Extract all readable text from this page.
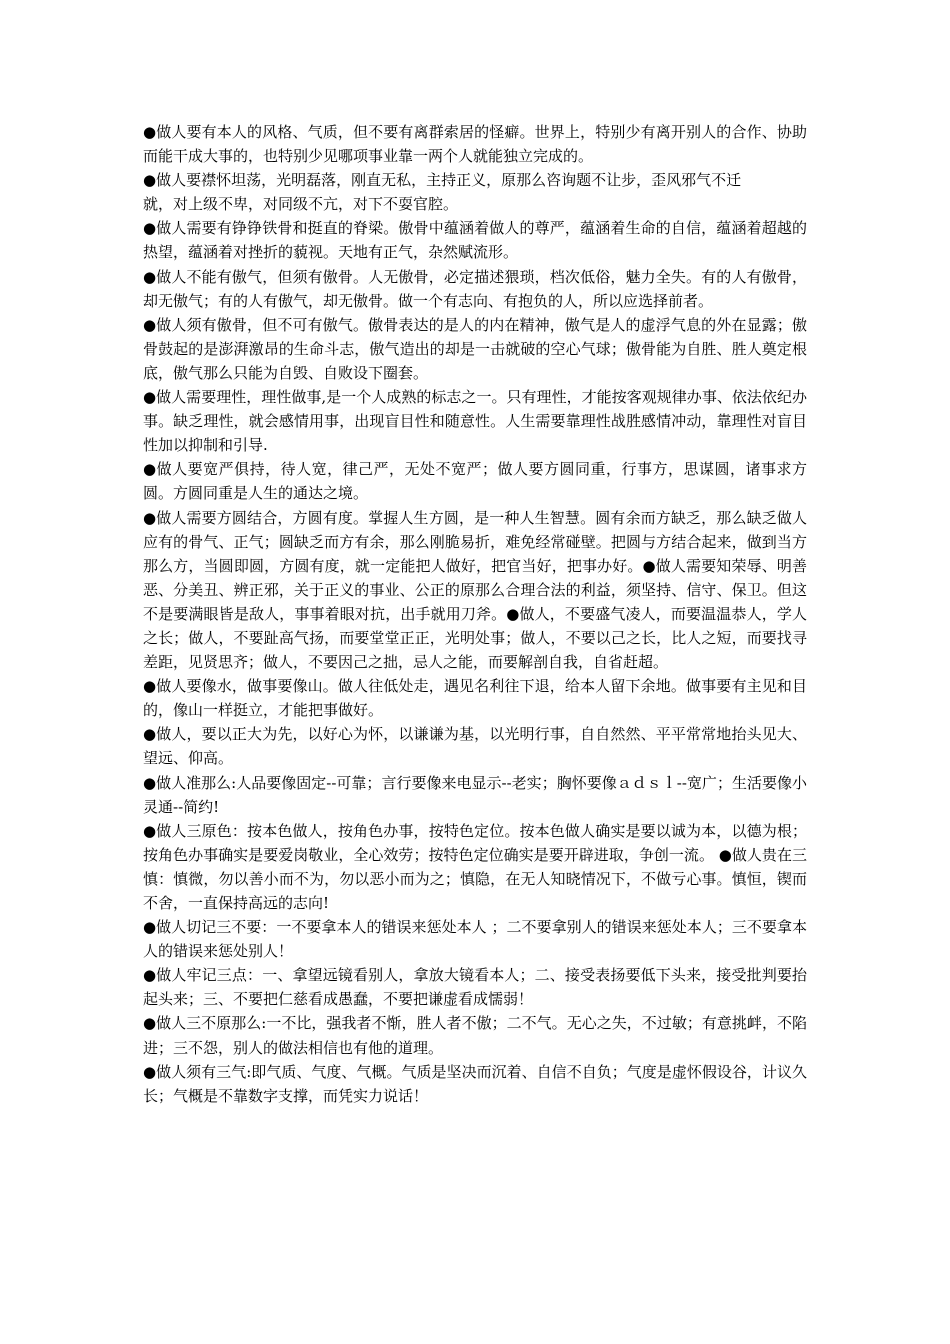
●做人要有本人的风格、气质，但不要有离群索居的怪癖。世界上，特别少有离开别人的合作、协助而能干成大事的，也特别少见哪项事业靠一两个人就能独立完成的。

●做人要襟怀坦荡，光明磊落，刚直无私，主持正义，原那么咨询题不让步，歪风邪气不迁

就，对上级不卑，对同级不亢，对下不耍官腔。

●做人需要有铮铮铁骨和挺直的脊梁。傲骨中蕴涵着做人的尊严，蕴涵着生命的自信，蕴涵着超越的热望，蕴涵着对挫折的藐视。天地有正气，杂然赋流形。

●做人不能有傲气，但须有傲骨。人无傲骨，必定描述猥琐，档次低俗，魅力全失。有的人有傲骨，却无傲气；有的人有傲气，却无傲骨。做一个有志向、有抱负的人，所以应选择前者。

●做人须有傲骨，但不可有傲气。傲骨表达的是人的内在精神，傲气是人的虚浮气息的外在显露；傲骨鼓起的是澎湃激昂的生命斗志，傲气造出的却是一击就破的空心气球；傲骨能为自胜、胜人奠定根底，傲气那么只能为自毁、自败设下圈套。

●做人需要理性，理性做事,是一个人成熟的标志之一。只有理性，才能按客观规律办事、依法依纪办事。缺乏理性，就会感情用事，出现盲目性和随意性。人生需要靠理性战胜感情冲动，靠理性对盲目性加以抑制和引导.

●做人要宽严俱持，待人宽，律己严，无处不宽严；做人要方圆同重，行事方，思谋圆，诸事求方圆。方圆同重是人生的通达之境。

●做人需要方圆结合，方圆有度。掌握人生方圆，是一种人生智慧。圆有余而方缺乏，那么缺乏做人应有的骨气、正气；圆缺乏而方有余，那么刚脆易折，难免经常碰壁。把圆与方结合起来，做到当方那么方，当圆即圆，方圆有度，就一定能把人做好，把官当好，把事办好。●做人需要知荣辱、明善恶、分美丑、辨正邪，关于正义的事业、公正的原那么合理合法的利益，须坚持、信守、保卫。但这不是要满眼皆是敌人，事事着眼对抗，出手就用刀斧。●做人，不要盛气凌人，而要温温恭人，学人之长；做人，不要趾高气扬，而要堂堂正正，光明处事；做人，不要以己之长，比人之短，而要找寻差距，见贤思齐；做人，不要因己之拙，忌人之能，而要解剖自我，自省赶超。

●做人要像水，做事要像山。做人往低处走，遇见名利往下退，给本人留下余地。做事要有主见和目的，像山一样挺立，才能把事做好。

●做人，要以正大为先，以好心为怀，以谦谦为基，以光明行事，自自然然、平平常常地抬头见大、望远、仰高。

●做人准那么:人品要像固定--可靠；言行要像来电显示--老实；胸怀要像ａｄｓｌ--宽广；生活要像小灵通--简约!

●做人三原色：按本色做人，按角色办事，按特色定位。按本色做人确实是要以诚为本，以德为根；按角色办事确实是要爱岗敬业，全心效劳；按特色定位确实是要开辟进取，争创一流。 ●做人贵在三慎：慎微，勿以善小而不为，勿以恶小而为之；慎隐，在无人知晓情况下，不做亏心事。慎恒，锲而不舍，一直保持高远的志向!

●做人切记三不要：一不要拿本人的错误来惩处本人 ；二不要拿别人的错误来惩处本人；三不要拿本人的错误来惩处别人！

●做人牢记三点：一、拿望远镜看别人，拿放大镜看本人；二、接受表扬要低下头来，接受批判要抬起头来；三、不要把仁慈看成愚蠢，不要把谦虚看成懦弱！

●做人三不原那么:一不比，强我者不惭，胜人者不傲；二不气。无心之失，不过敏；有意挑衅，不陷进；三不怨，别人的做法相信也有他的道理。

●做人须有三气:即气质、气度、气概。气质是坚决而沉着、自信不自负；气度是虚怀假设谷，计议久长；气概是不靠数字支撑，而凭实力说话！
